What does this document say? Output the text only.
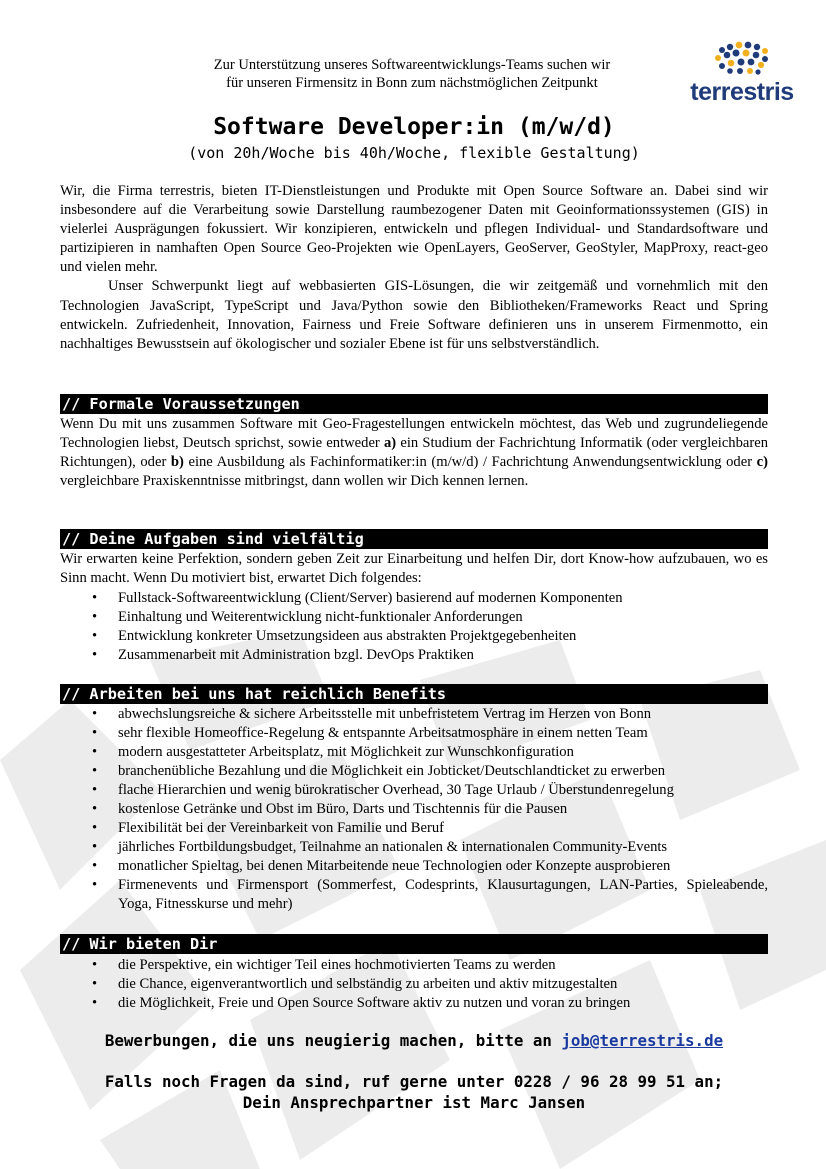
terrestris
Zur Unterstützung unseres Softwareentwicklungs-Teams suchen wir
für unseren Firmensitz in Bonn zum nächstmöglichen Zeitpunkt
Software Developer:in (m/w/d)
(von 20h/Woche bis 40h/Woche, flexible Gestaltung)
Wir, die Firma terrestris, bieten IT-Dienstleistungen und Produkte mit Open Source Software an. Dabei sind wir insbesondere auf die Verarbeitung sowie Darstellung raumbezogener Daten mit Geoinformationssystemen (GIS) in vielerlei Ausprägungen fokussiert. Wir konzipieren, entwickeln und pflegen Individual- und Standardsoftware und partizipieren in namhaften Open Source Geo-Projekten wie OpenLayers, GeoServer, GeoStyler, MapProxy, react-geo und vielen mehr.
Unser Schwerpunkt liegt auf webbasierten GIS-Lösungen, die wir zeitgemäß und vornehmlich mit den Technologien JavaScript, TypeScript und Java/Python sowie den Bibliotheken/Frameworks React und Spring entwickeln. Zufriedenheit, Innovation, Fairness und Freie Software definieren uns in unserem Firmenmotto, ein nachhaltiges Bewusstsein auf ökologischer und sozialer Ebene ist für uns selbstverständlich.
// Formale Voraussetzungen
Wenn Du mit uns zusammen Software mit Geo-Fragestellungen entwickeln möchtest, das Web und zugrundeliegende Technologien liebst, Deutsch sprichst, sowie entweder a) ein Studium der Fachrichtung Informatik (oder vergleichbaren Richtungen), oder b) eine Ausbildung als Fachinformatiker:in (m/w/d) / Fachrichtung Anwendungsentwicklung oder c) vergleichbare Praxiskenntnisse mitbringst, dann wollen wir Dich kennen lernen.
// Deine Aufgaben sind vielfältig
Wir erwarten keine Perfektion, sondern geben Zeit zur Einarbeitung und helfen Dir, dort Know-how aufzubauen, wo es Sinn macht. Wenn Du motiviert bist, erwartet Dich folgendes:
• Fullstack-Softwareentwicklung (Client/Server) basierend auf modernen Komponenten
• Einhaltung und Weiterentwicklung nicht-funktionaler Anforderungen
• Entwicklung konkreter Umsetzungsideen aus abstrakten Projektgegebenheiten
• Zusammenarbeit mit Administration bzgl. DevOps Praktiken
// Arbeiten bei uns hat reichlich Benefits
• abwechslungsreiche & sichere Arbeitsstelle mit unbefristetem Vertrag im Herzen von Bonn
• sehr flexible Homeoffice-Regelung & entspannte Arbeitsatmosphäre in einem netten Team
• modern ausgestatteter Arbeitsplatz, mit Möglichkeit zur Wunschkonfiguration
• branchenübliche Bezahlung und die Möglichkeit ein Jobticket/Deutschlandticket zu erwerben
• flache Hierarchien und wenig bürokratischer Overhead, 30 Tage Urlaub / Überstundenregelung
• kostenlose Getränke und Obst im Büro, Darts und Tischtennis für die Pausen
• Flexibilität bei der Vereinbarkeit von Familie und Beruf
• jährliches Fortbildungsbudget, Teilnahme an nationalen & internationalen Community-Events
• monatlicher Spieltag, bei denen Mitarbeitende neue Technologien oder Konzepte ausprobieren
• Firmenevents und Firmensport (Sommerfest, Codesprints, Klausurtagungen, LAN-Parties, Spieleabende, Yoga, Fitnesskurse und mehr)
// Wir bieten Dir
• die Perspektive, ein wichtiger Teil eines hochmotivierten Teams zu werden
• die Chance, eigenverantwortlich und selbständig zu arbeiten und aktiv mitzugestalten
• die Möglichkeit, Freie und Open Source Software aktiv zu nutzen und voran zu bringen
Bewerbungen, die uns neugierig machen, bitte an job@terrestris.de
Falls noch Fragen da sind, ruf gerne unter 0228 / 96 28 99 51 an;
Dein Ansprechpartner ist Marc Jansen
